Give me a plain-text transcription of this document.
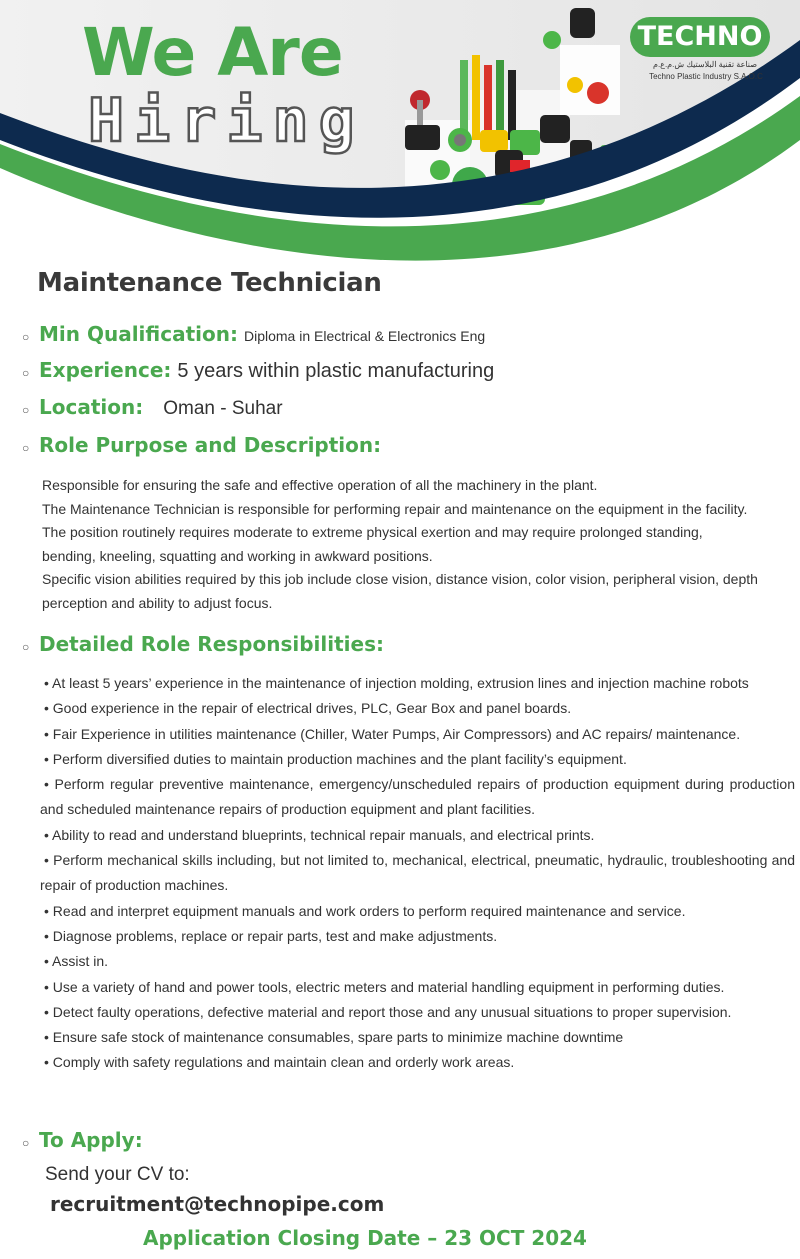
We Are
Hiring
TECHNO
صناعة تقنية البلاستيك ش.م.ع.م
Techno Plastic Industry S.A.O.C
Maintenance Technician
○ Min Qualification: Diploma in Electrical & Electronics Eng
○ Experience: 5 years within plastic manufacturing
○ Location: Oman - Suhar
○ Role Purpose and Description:

Responsible for ensuring the safe and effective operation of all the machinery in the plant.

The Maintenance Technician is responsible for performing repair and maintenance on the equipment in the facility. The position routinely requires moderate to extreme physical exertion and may require prolonged standing, bending, kneeling, squatting and working in awkward positions.

Specific vision abilities required by this job include close vision, distance vision, color vision, peripheral vision, depth perception and ability to adjust focus.

○ Detailed Role Responsibilities:

• At least 5 years’ experience in the maintenance of injection molding, extrusion lines and injection machine robots

• Good experience in the repair of electrical drives, PLC, Gear Box and panel boards.

• Fair Experience in utilities maintenance (Chiller, Water Pumps, Air Compressors) and AC repairs/ maintenance.

• Perform diversified duties to maintain production machines and the plant facility’s equipment.

• Perform regular preventive maintenance, emergency/unscheduled repairs of production equipment during production and scheduled maintenance repairs of production equipment and plant facilities.

• Ability to read and understand blueprints, technical repair manuals, and electrical prints.

• Perform mechanical skills including, but not limited to, mechanical, electrical, pneumatic, hydraulic, troubleshooting and repair of production machines.

• Read and interpret equipment manuals and work orders to perform required maintenance and service.

• Diagnose problems, replace or repair parts, test and make adjustments.

• Assist in.

• Use a variety of hand and power tools, electric meters and material handling equipment in performing duties.

• Detect faulty operations, defective material and report those and any unusual situations to proper supervision.

• Ensure safe stock of maintenance consumables, spare parts to minimize machine downtime

• Comply with safety regulations and maintain clean and orderly work areas.

○ To Apply:
Send your CV to:
recruitment@technopipe.com
Application Closing Date – 23 OCT 2024
